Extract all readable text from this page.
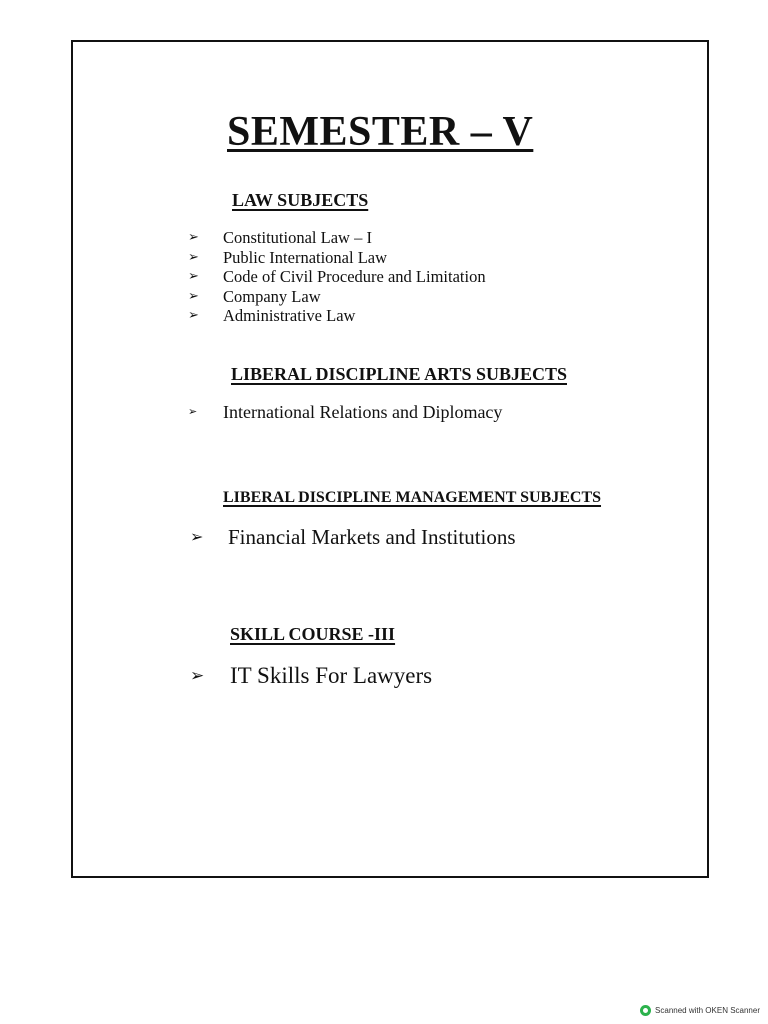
SEMESTER – V
LAW SUBJECTS
➢ Constitutional Law – I
➢ Public International Law
➢ Code of Civil Procedure and Limitation
➢ Company Law
➢ Administrative Law
LIBERAL DISCIPLINE ARTS SUBJECTS
➢ International Relations and Diplomacy
LIBERAL DISCIPLINE MANAGEMENT SUBJECTS
➢ Financial Markets and Institutions
SKILL COURSE -III
➢ IT Skills For Lawyers
Scanned with OKEN Scanner
